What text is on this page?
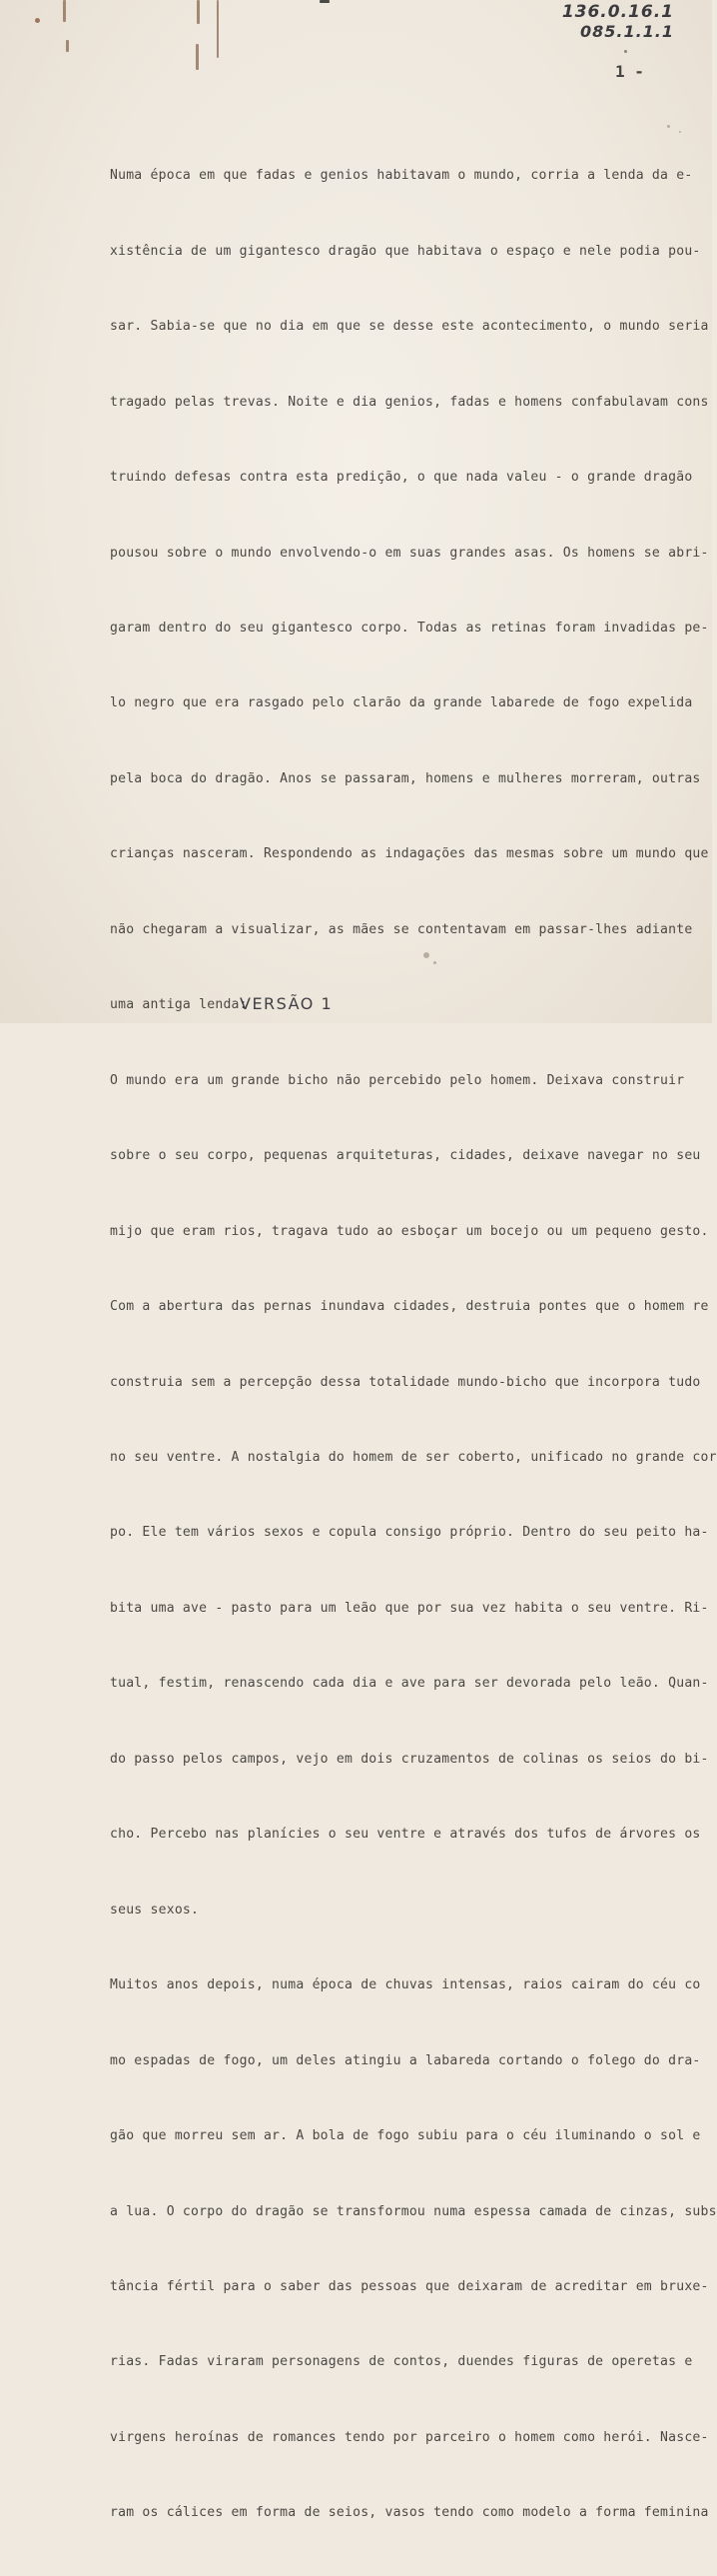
136.0.16.1
085.1.1.1
1 -

Numa época em que fadas e genios habitavam o mundo, corria a lenda da e-

xistência de um gigantesco dragão que habitava o espaço e nele podia pou-

sar. Sabia-se que no dia em que se desse este acontecimento, o mundo seria

tragado pelas trevas. Noite e dia genios, fadas e homens confabulavam cons

truindo defesas contra esta predição, o que nada valeu - o grande dragão

pousou sobre o mundo envolvendo-o em suas grandes asas. Os homens se abri-

garam dentro do seu gigantesco corpo. Todas as retinas foram invadidas pe-

lo negro que era rasgado pelo clarão da grande labarede de fogo expelida

pela boca do dragão. Anos se passaram, homens e mulheres morreram, outras

crianças nasceram. Respondendo as indagações das mesmas sobre um mundo que

não chegaram a visualizar, as mães se contentavam em passar-lhes adiante

uma antiga lenda:

O mundo era um grande bicho não percebido pelo homem. Deixava construir

sobre o seu corpo, pequenas arquiteturas, cidades, deixave navegar no seu

mijo que eram rios, tragava tudo ao esboçar um bocejo ou um pequeno gesto.

Com a abertura das pernas inundava cidades, destruia pontes que o homem re

construia sem a percepção dessa totalidade mundo-bicho que incorpora tudo

no seu ventre. A nostalgia do homem de ser coberto, unificado no grande cor

po. Ele tem vários sexos e copula consigo próprio. Dentro do seu peito ha-

bita uma ave - pasto para um leão que por sua vez habita o seu ventre. Ri-

tual, festim, renascendo cada dia e ave para ser devorada pelo leão. Quan-

do passo pelos campos, vejo em dois cruzamentos de colinas os seios do bi-

cho. Percebo nas planícies o seu ventre e através dos tufos de árvores os

seus sexos.

Muitos anos depois, numa época de chuvas intensas, raios cairam do céu co

mo espadas de fogo, um deles atingiu a labareda cortando o folego do dra-

gão que morreu sem ar. A bola de fogo subiu para o céu iluminando o sol e

a lua. O corpo do dragão se transformou numa espessa camada de cinzas, subs

tância fértil para o saber das pessoas que deixaram de acreditar em bruxe-

rias. Fadas viraram personagens de contos, duendes figuras de operetas e

virgens heroínas de romances tendo por parceiro o homem como herói. Nasce-

ram os cálices em forma de seios, vasos tendo como modelo a forma feminina

VERSÃO 1
